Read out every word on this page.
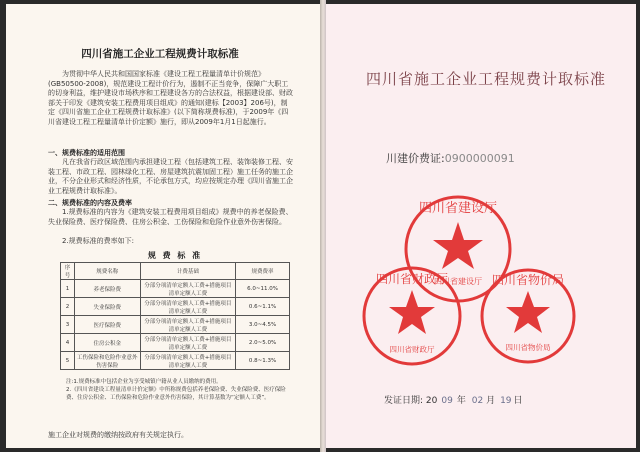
四川省施工企业工程规费计取标准
为贯彻中华人民共和国国家标准《建设工程工程量清单计价规范》(GB50500-2008)，规范建设工程计价行为，遏制不正当竞争，保障广大职工的切身利益，维护建设市场秩序和工程建设各方的合法权益，根据建设部、财政部关于印发《建筑安装工程费用项目组成》的通知(建标【2003】206号)，制定《四川省施工企业工程规费计取标准》(以下简称规费标准)，于2009年《四川省建设工程工程量清单计价定额》施行，即从2009年1月1日起施行。
一、规费标准的适用范围
凡在我省行政区域范围内承担建设工程（包括建筑工程、装饰装修工程、安装工程、市政工程、园林绿化工程、房屋建筑抗震加固工程）施工任务的施工企业，不分企业形式和经济性质，不论承包方式，均应按规定办理《四川省施工企业工程规费计取标准》。
二、规费标准的内容及费率
1.规费标准的内容为《建筑安装工程费用项目组成》规费中的养老保险费、失业保险费、医疗保险费、住房公积金、工伤保险和危险作业意外伤害保险。
2.规费标准的费率如下:
规 费 标 准
序号	规费名称	计费基础	规费费率
1	养老保险费	分部分项清单定额人工费+措施项目清单定额人工费	6.0~11.0%
2	失业保险费	分部分项清单定额人工费+措施项目清单定额人工费	0.6~1.1%
3	医疗保险费	分部分项清单定额人工费+措施项目清单定额人工费	3.0~4.5%
4	住房公积金	分部分项清单定额人工费+措施项目清单定额人工费	2.0~5.0%
5	工伤保险和危险作业意外伤害保险	分部分项清单定额人工费+措施项目清单定额人工费	0.8~1.3%
注:1.规费标准中包括企业为享受城镇户籍从业人员缴纳的费用。
2.《四川省建设工程量清单计价定额》中所称规费包括养老保险费、失业保险费、医疗保险费、住房公积金、工伤保险和危险作业意外伤害保险，其计算基数为“定额人工费”。
施工企业对规费的缴纳按政府有关规定执行。
四川省施工企业工程规费计取标准
川建价费证:0900000091
四川省建设厅
四川省建设厅
四川省财政厅
四川省财政厅
四川省物价局
四川省物价局
发证日期: 20 09 年 02 月 19 日
